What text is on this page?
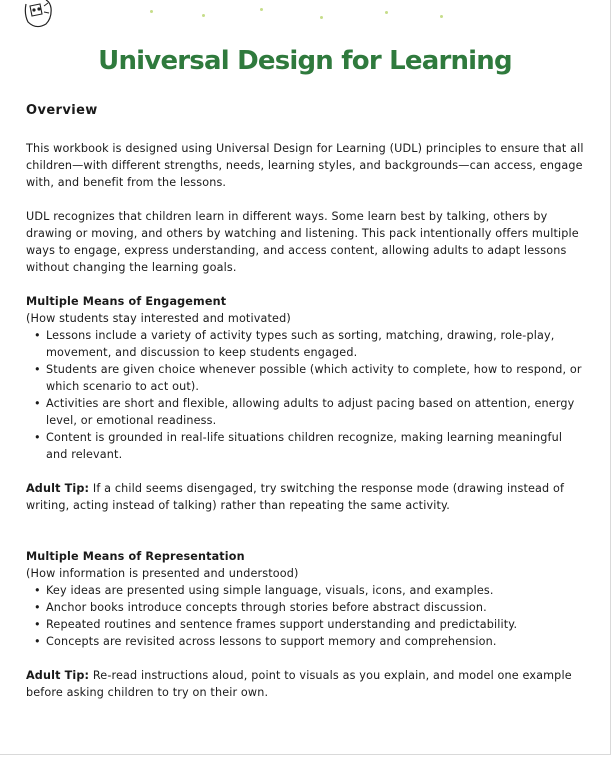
Universal Design for Learning
Overview

This workbook is designed using Universal Design for Learning (UDL) principles to ensure that all children—with different strengths, needs, learning styles, and backgrounds—can access, engage with, and benefit from the lessons.

UDL recognizes that children learn in different ways. Some learn best by talking, others by drawing or moving, and others by watching and listening. This pack intentionally offers multiple ways to engage, express understanding, and access content, allowing adults to adapt lessons without changing the learning goals.

Multiple Means of Engagement
(How students stay interested and motivated)
• Lessons include a variety of activity types such as sorting, matching, drawing, role-play, movement, and discussion to keep students engaged.
• Students are given choice whenever possible (which activity to complete, how to respond, or which scenario to act out).
• Activities are short and flexible, allowing adults to adjust pacing based on attention, energy level, or emotional readiness.
• Content is grounded in real-life situations children recognize, making learning meaningful and relevant.

Adult Tip: If a child seems disengaged, try switching the response mode (drawing instead of writing, acting instead of talking) rather than repeating the same activity.

Multiple Means of Representation
(How information is presented and understood)
• Key ideas are presented using simple language, visuals, icons, and examples.
• Anchor books introduce concepts through stories before abstract discussion.
• Repeated routines and sentence frames support understanding and predictability.
• Concepts are revisited across lessons to support memory and comprehension.

Adult Tip: Re-read instructions aloud, point to visuals as you explain, and model one example before asking children to try on their own.
